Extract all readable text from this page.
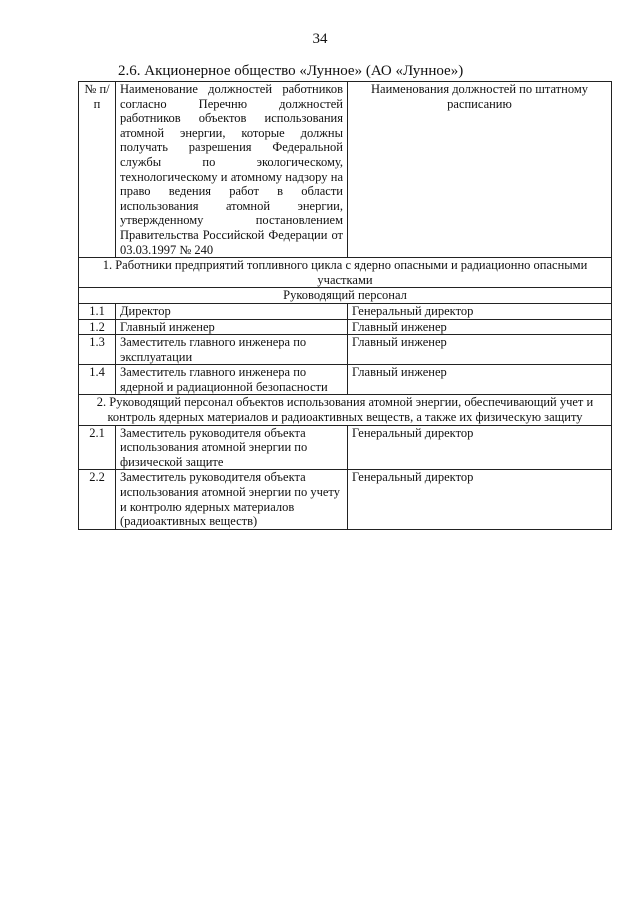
34
2.6. Акционерное общество «Лунное» (АО «Лунное»)
№ п/п	Наименование должностей работников согласно Перечню должностей работников объектов использования атомной энергии, которые должны получать разрешения Федеральной службы по экологическому, технологическому и атомному надзору на право ведения работ в области использования атомной энергии, утвержденному постановлением Правительства Российской Федерации от 03.03.1997 № 240	Наименования должностей по штатному расписанию
1. Работники предприятий топливного цикла с ядерно опасными и радиационно опасными участками		
Руководящий персонал		
1.1	Директор	Генеральный директор
1.2	Главный инженер	Главный инженер
1.3	Заместитель главного инженера по эксплуатации	Главный инженер
1.4	Заместитель главного инженера по ядерной и радиационной безопасности	Главный инженер
2. Руководящий персонал объектов использования атомной энергии, обеспечивающий учет и контроль ядерных материалов и радиоактивных веществ, а также их физическую защиту		
2.1	Заместитель руководителя объекта использования атомной энергии по физической защите	Генеральный директор
2.2	Заместитель руководителя объекта использования атомной энергии по учету и контролю ядерных материалов (радиоактивных веществ)	Генеральный директор
